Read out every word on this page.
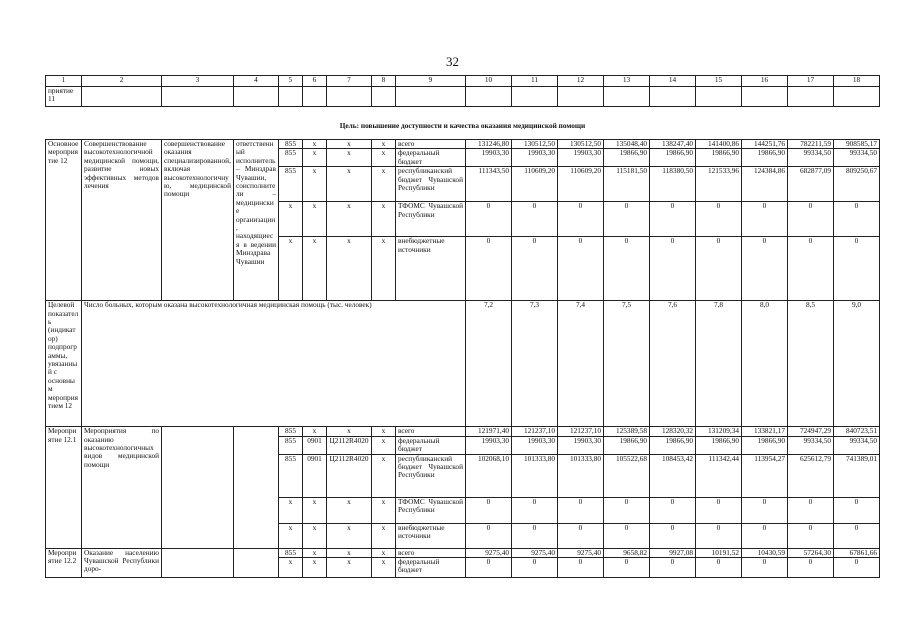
32
1	2	3	4	5	6	7	8	9	10	11	12	13	14	15	16	17	18
приятие 11																	
Цель: повышение доступности и качества оказания медицинской помощи																	
Основное мероприятие 12	Совершенствование высокотехнологичной медицинской помощи, развитие новых эффективных методов лечения	совершенствование оказания специализированной, включая высокотехнологичную, медицинской помощи	ответственный исполнитель – Минздрав Чувашии, соисполнители – медицинские организации, находящиеся в ведении Минздрава Чувашии	855	x	x	x	всего	131246,80	130512,50	130512,50	135048,40	138247,40	141400,86	144251,76	782211,59	908585,17
				855	x	x	x	федеральный бюджет	19903,30	19903,30	19903,30	19866,90	19866,90	19866,90	19866,90	99334,50	99334,50
				855	x	x	x	республиканский бюджет Чувашской Республики	111343,50	110609,20	110609,20	115181,50	118380,50	121533,96	124384,86	682877,09	809250,67
				x	x	x	x	ТФОМС Чувашской Республики	0	0	0	0	0	0	0	0	0
				x	x	x	x	внебюджетные источники	0	0	0	0	0	0	0	0	0
Целевой показатель (индикатор) подпрограммы, увязанный с основным мероприятием 12	Число больных, которым оказана высокотехнологичная медицинская помощь (тыс. человек)								7,2	7,3	7,4	7,5	7,6	7,8	8,0	8,5	9,0
Мероприятие 12.1	Мероприятия по оказанию высокотехнологичных видов медицинской помощи			855	x	x	x	всего	121971,40	121237,10	121237,10	125389,58	128320,32	131209,34	133821,17	724947,29	840723,51
				855	0901	Ц2112R4020	x	федеральный бюджет	19903,30	19903,30	19903,30	19866,90	19866,90	19866,90	19866,90	99334,50	99334,50
				855	0901	Ц2112R4020	x	республиканский бюджет Чувашской Республики	102068,10	101333,80	101333,80	105522,68	108453,42	111342,44	113954,27	625612,79	741389,01
				x	x	x	x	ТФОМС Чувашской Республики	0	0	0	0	0	0	0	0	0
				x	x	x	x	внебюджетные источники	0	0	0	0	0	0	0	0	0
Мероприятие 12.2	Оказание населению Чувашской Республики доро-			855	x	x	x	всего	9275,40	9275,40	9275,40	9658,82	9927,08	10191,52	10430,59	57264,30	67861,66
				x	x	x	x	федеральный бюджет	0	0	0	0	0	0	0	0	0
